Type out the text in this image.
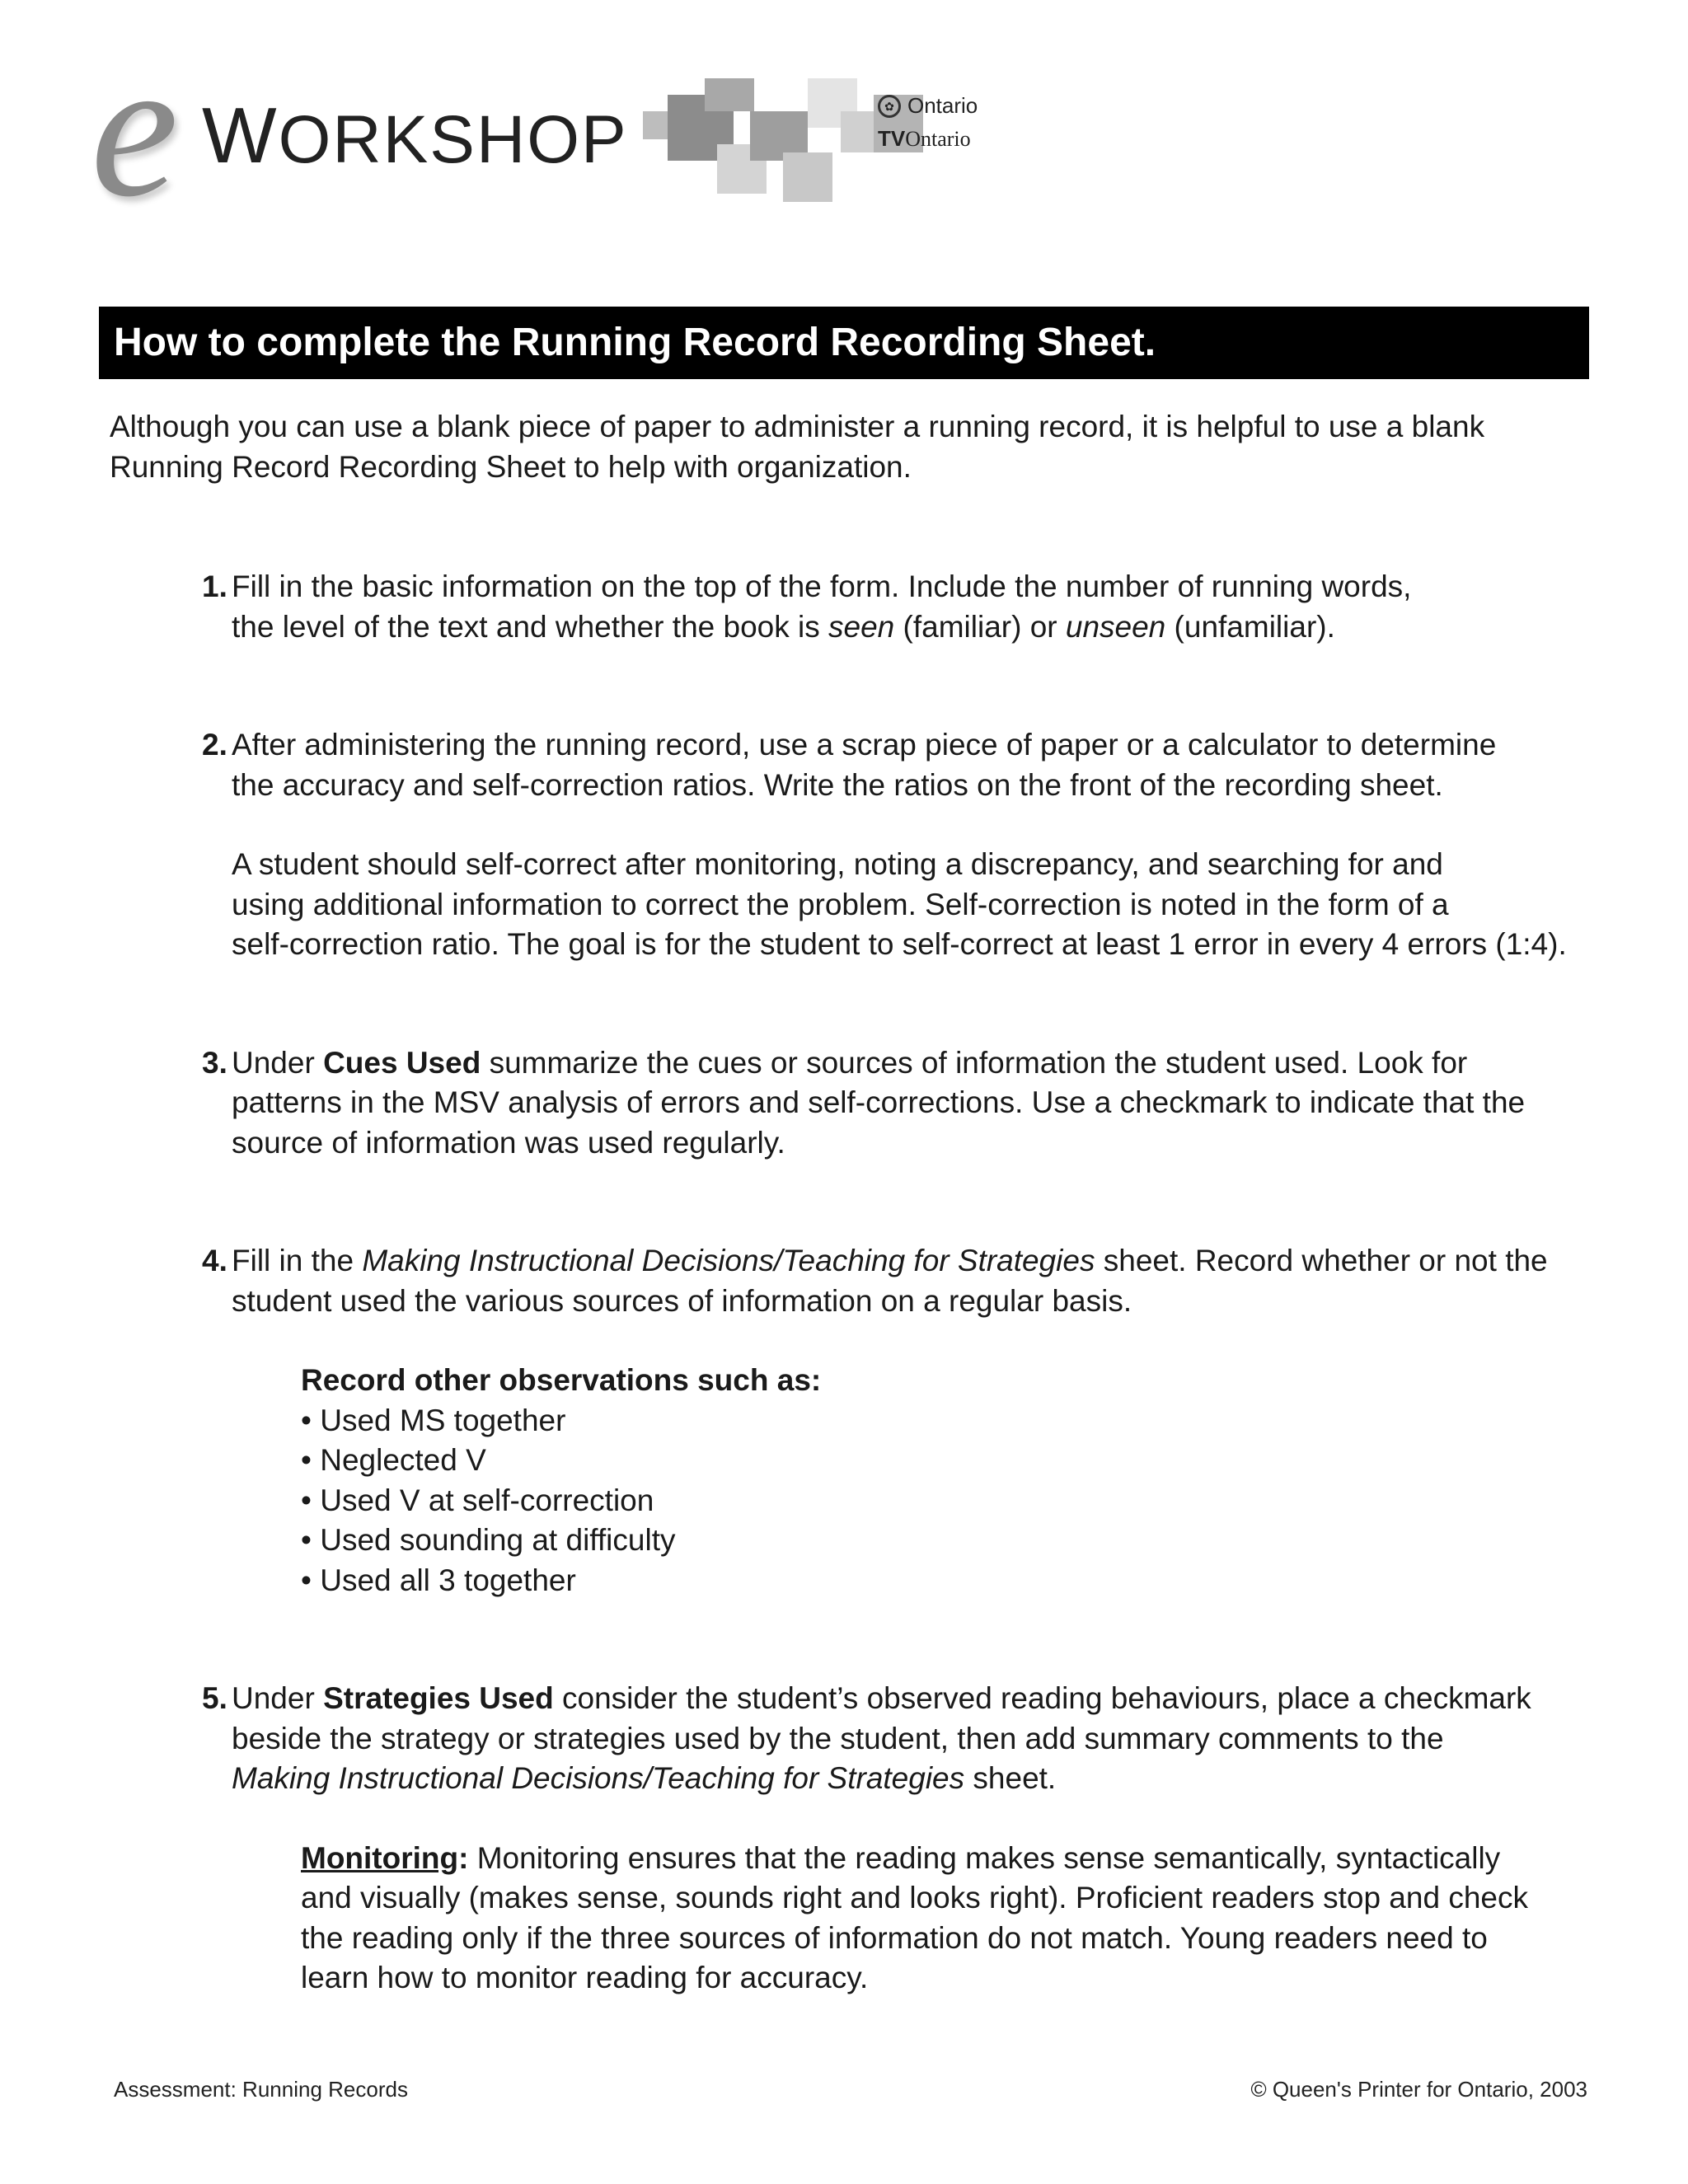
e WORKSHOP	✿ Ontario
TVOntario
How to complete the Running Record Recording Sheet.

Although you can use a blank piece of paper to administer a running record, it is helpful to use a blank
Running Record Recording Sheet to help with organization.

1. Fill in the basic information on the top of the form. Include the number of running words,
the level of the text and whether the book is seen (familiar) or unseen (unfamiliar).

2. After administering the running record, use a scrap piece of paper or a calculator to determine
the accuracy and self-correction ratios. Write the ratios on the front of the recording sheet.

A student should self-correct after monitoring, noting a discrepancy, and searching for and
using additional information to correct the problem. Self-correction is noted in the form of a
self-correction ratio. The goal is for the student to self-correct at least 1 error in every 4 errors (1:4).

3. Under Cues Used summarize the cues or sources of information the student used. Look for
patterns in the MSV analysis of errors and self-corrections. Use a checkmark to indicate that the
source of information was used regularly.

4. Fill in the Making Instructional Decisions/Teaching for Strategies sheet. Record whether or not the
student used the various sources of information on a regular basis.

Record other observations such as:
• Used MS together
• Neglected V
• Used V at self-correction
• Used sounding at difficulty
• Used all 3 together
5. Under Strategies Used consider the student’s observed reading behaviours, place a checkmark
beside the strategy or strategies used by the student, then add summary comments to the
Making Instructional Decisions/Teaching for Strategies sheet.

Monitoring: Monitoring ensures that the reading makes sense semantically, syntactically
and visually (makes sense, sounds right and looks right). Proficient readers stop and check
the reading only if the three sources of information do not match. Young readers need to
learn how to monitor reading for accuracy.

Assessment: Running Records	© Queen's Printer for Ontario, 2003
